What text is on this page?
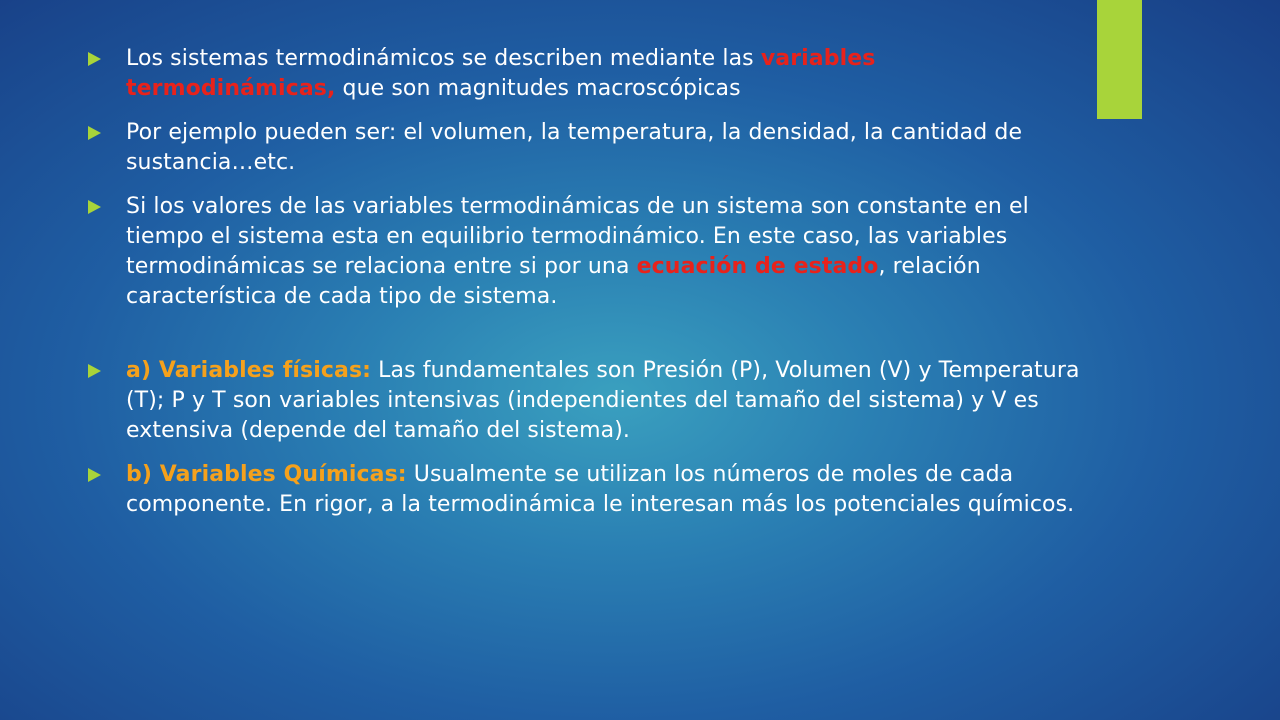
Los sistemas termodinámicos se describen mediante las variables termodinámicas, que son magnitudes macroscópicas
Por ejemplo pueden ser: el volumen, la temperatura, la densidad, la cantidad de sustancia…etc.
Si los valores de las variables termodinámicas de un sistema son constante en el tiempo el sistema esta en equilibrio termodinámico. En este caso, las variables termodinámicas se relaciona entre si por una ecuación de estado, relación característica de cada tipo de sistema.
a) Variables físicas: Las fundamentales son Presión (P), Volumen (V) y Temperatura (T); P y T son variables intensivas (independientes del tamaño del sistema) y V es extensiva (depende del tamaño del sistema).
b) Variables Químicas: Usualmente se utilizan los números de moles de cada componente. En rigor, a la termodinámica le interesan más los potenciales químicos.
